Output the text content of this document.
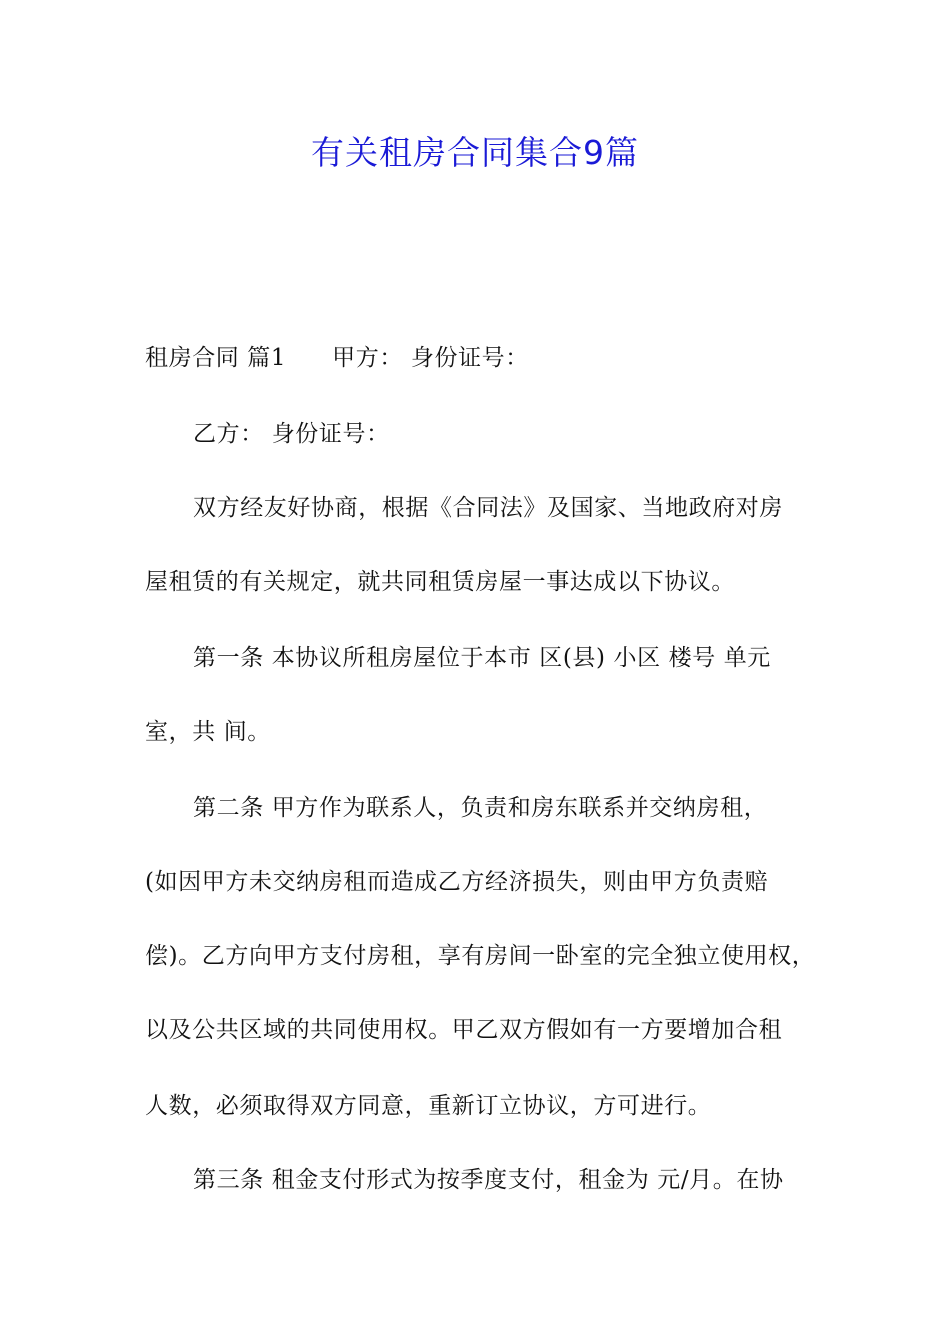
有关租房合同集合9篇

租房合同 篇1 甲方： 身份证号：

乙方： 身份证号：

双方经友好协商，根据《合同法》及国家、当地政府对房

屋租赁的有关规定，就共同租赁房屋一事达成以下协议。

第一条 本协议所租房屋位于本市 区(县) 小区 楼号 单元

室，共 间。

第二条 甲方作为联系人，负责和房东联系并交纳房租，

(如因甲方未交纳房租而造成乙方经济损失，则由甲方负责赔

偿)。乙方向甲方支付房租，享有房间一卧室的完全独立使用权，

以及公共区域的共同使用权。甲乙双方假如有一方要增加合租

人数，必须取得双方同意，重新订立协议，方可进行。

第三条 租金支付形式为按季度支付，租金为 元/月。在协
